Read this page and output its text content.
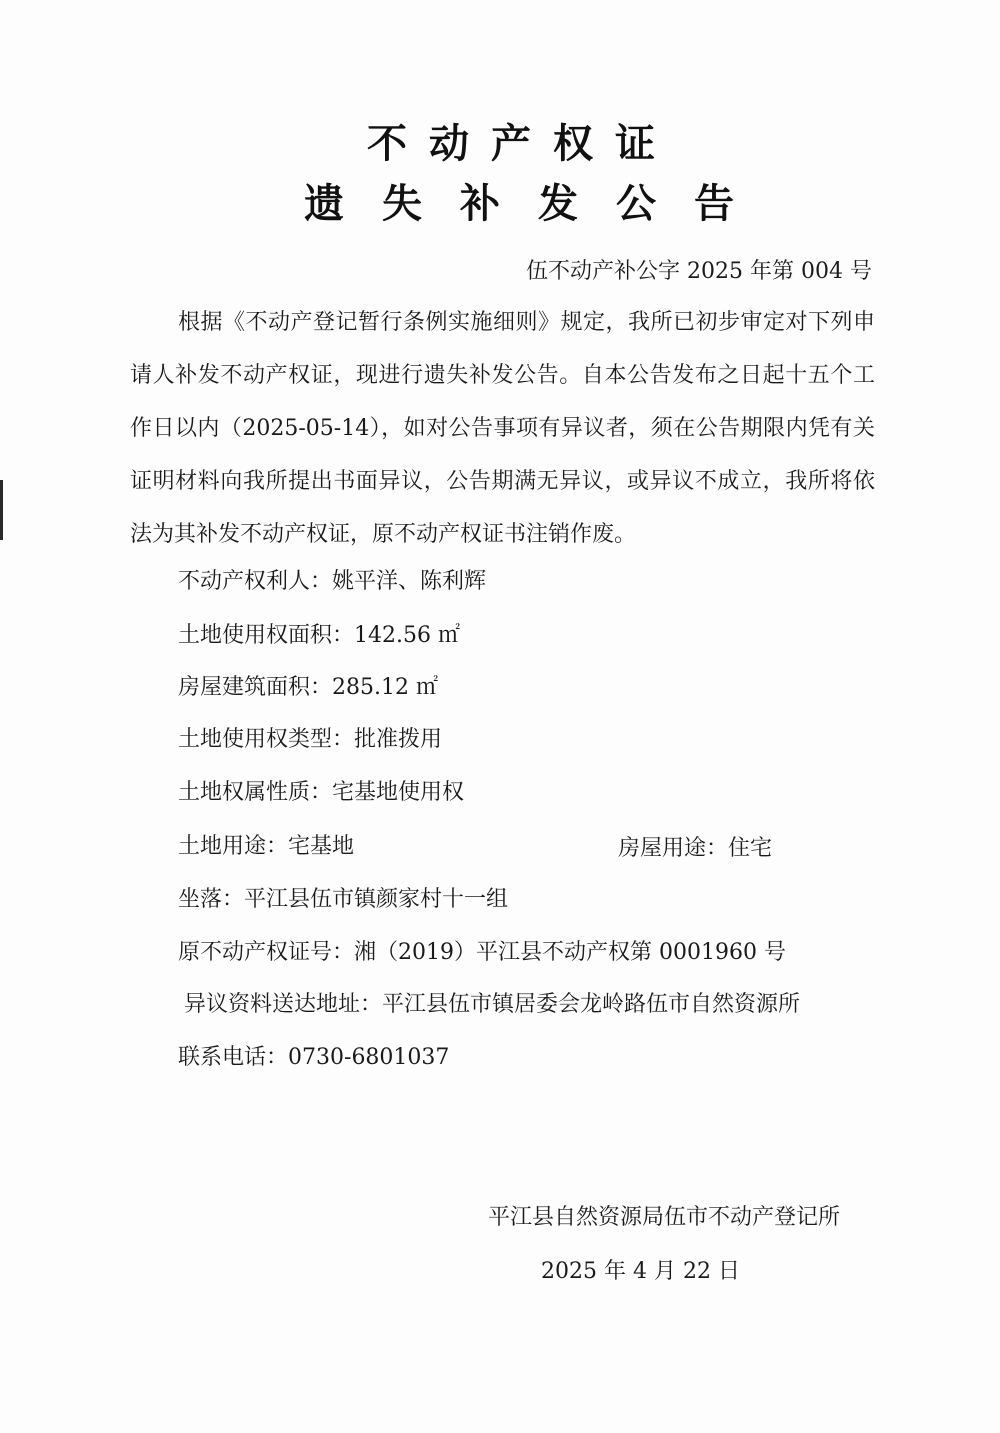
不动产权证
遗失补发公告
伍不动产补公字 2025 年第 004 号

根据《不动产登记暂行条例实施细则》规定，我所已初步审定对下列申请人补发不动产权证，现进行遗失补发公告。自本公告发布之日起十五个工作日以内（2025-05-14），如对公告事项有异议者，须在公告期限内凭有关证明材料向我所提出书面异议，公告期满无异议，或异议不成立，我所将依法为其补发不动产权证，原不动产权证书注销作废。

不动产权利人：姚平洋、陈利辉
土地使用权面积：142.56 ㎡
房屋建筑面积：285.12 ㎡
土地使用权类型：批准拨用
土地权属性质：宅基地使用权
土地用途：宅基地	房屋用途：住宅
坐落：平江县伍市镇颜家村十一组
原不动产权证号：湘（2019）平江县不动产权第 0001960 号
异议资料送达地址：平江县伍市镇居委会龙岭路伍市自然资源所
联系电话：0730-6801037
平江县自然资源局伍市不动产登记所
2025 年 4 月 22 日
